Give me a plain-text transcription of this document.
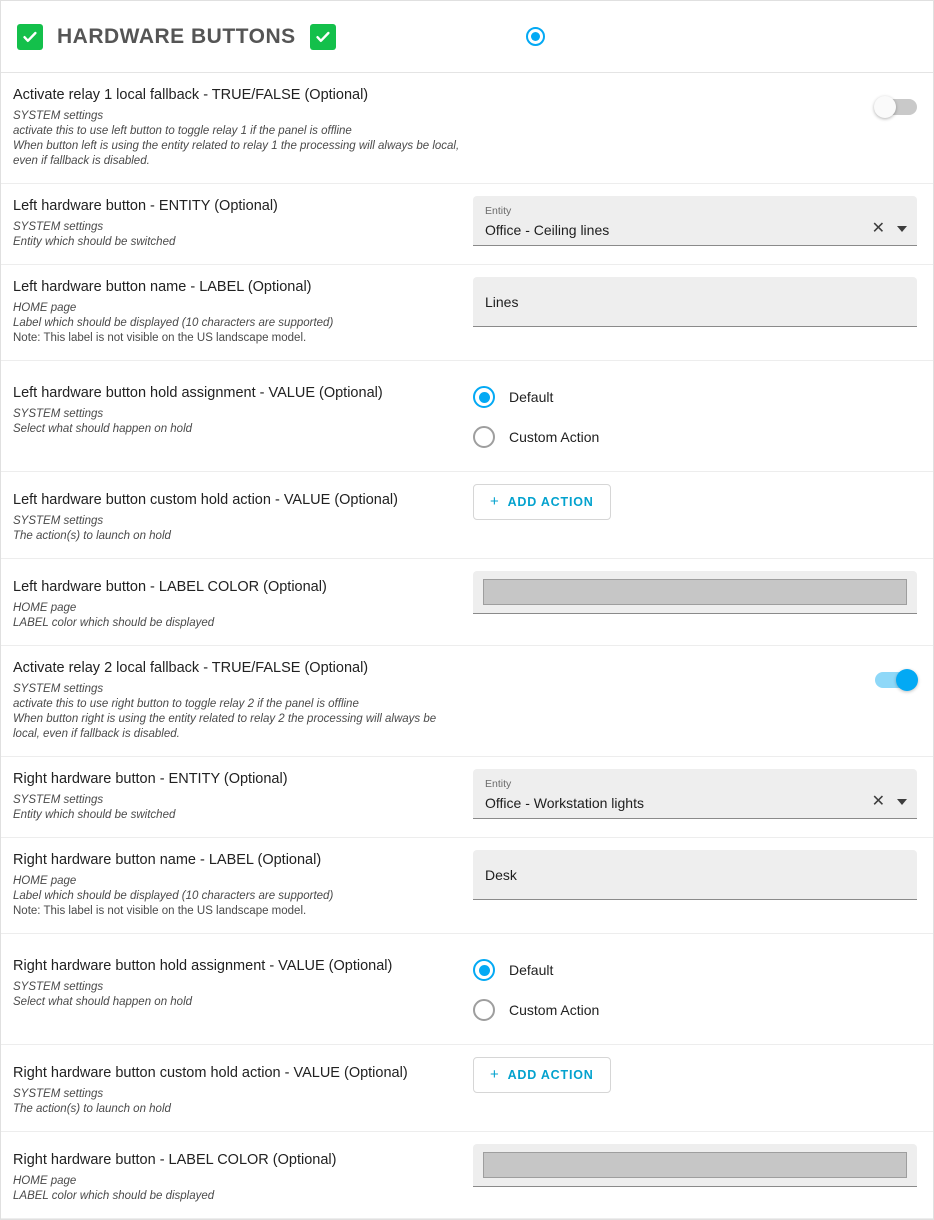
HARDWARE BUTTONS
Activate relay 1 local fallback - TRUE/FALSE (Optional)
SYSTEM settings
activate this to use left button to toggle relay 1 if the panel is offline
When button left is using the entity related to relay 1 the processing will always be local, even if fallback is disabled.
Left hardware button - ENTITY (Optional)
SYSTEM settings
Entity which should be switched
Entity
Office - Ceiling lines	✕
Left hardware button name - LABEL (Optional)
HOME page
Label which should be displayed (10 characters are supported)
Note: This label is not visible on the US landscape model.
Lines
Left hardware button hold assignment - VALUE (Optional)
SYSTEM settings
Select what should happen on hold
Default
Custom Action
Left hardware button custom hold action - VALUE (Optional)
SYSTEM settings
The action(s) to launch on hold
+ ADD ACTION
Left hardware button - LABEL COLOR (Optional)
HOME page
LABEL color which should be displayed
Activate relay 2 local fallback - TRUE/FALSE (Optional)
SYSTEM settings
activate this to use right button to toggle relay 2 if the panel is offline
When button right is using the entity related to relay 2 the processing will always be local, even if fallback is disabled.
Right hardware button - ENTITY (Optional)
SYSTEM settings
Entity which should be switched
Entity
Office - Workstation lights	✕
Right hardware button name - LABEL (Optional)
HOME page
Label which should be displayed (10 characters are supported)
Note: This label is not visible on the US landscape model.
Desk
Right hardware button hold assignment - VALUE (Optional)
SYSTEM settings
Select what should happen on hold
Default
Custom Action
Right hardware button custom hold action - VALUE (Optional)
SYSTEM settings
The action(s) to launch on hold
+ ADD ACTION
Right hardware button - LABEL COLOR (Optional)
HOME page
LABEL color which should be displayed
